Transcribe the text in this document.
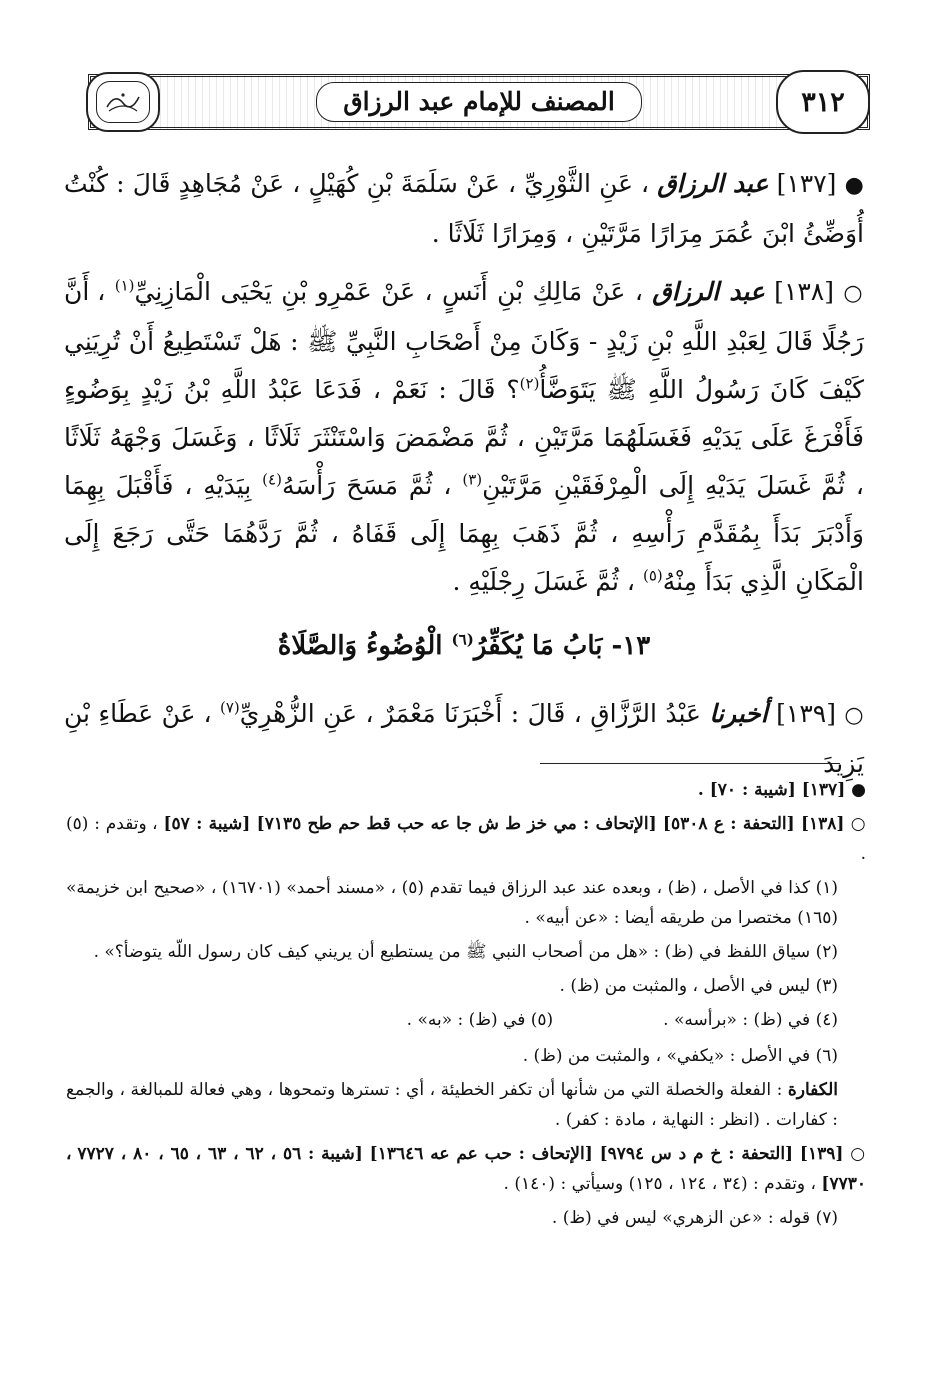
المصنف للإمام عبد الرزاق	٣١٢

● [١٣٧] عبد الرزاق ، عَنِ الثَّوْرِيِّ ، عَنْ سَلَمَةَ بْنِ كُهَيْلٍ ، عَنْ مُجَاهِدٍ قَالَ : كُنْتُ أُوَضِّئُ ابْنَ عُمَرَ مِرَارًا مَرَّتَيْنِ ، وَمِرَارًا ثَلَاثًا .

○ [١٣٨] عبد الرزاق ، عَنْ مَالِكِ بْنِ أَنَسٍ ، عَنْ عَمْرِو بْنِ يَحْيَى الْمَازِنِيِّ$^{(١)}$ ، أَنَّ رَجُلًا قَالَ لِعَبْدِ اللَّهِ بْنِ زَيْدٍ - وَكَانَ مِنْ أَصْحَابِ النَّبِيِّ ﷺ : هَلْ تَسْتَطِيعُ أَنْ تُرِيَنِي كَيْفَ كَانَ رَسُولُ اللَّهِ ﷺ يَتَوَضَّأُ$^{(٢)}$؟ قَالَ : نَعَمْ ، فَدَعَا عَبْدُ اللَّهِ بْنُ زَيْدٍ بِوَضُوءٍ فَأَفْرَغَ عَلَى يَدَيْهِ فَغَسَلَهُمَا مَرَّتَيْنِ ، ثُمَّ مَضْمَضَ وَاسْتَنْثَرَ ثَلَاثًا ، وَغَسَلَ وَجْهَهُ ثَلَاثًا ، ثُمَّ غَسَلَ يَدَيْهِ إِلَى الْمِرْفَقَيْنِ مَرَّتَيْنِ$^{(٣)}$ ، ثُمَّ مَسَحَ رَأْسَهُ$^{(٤)}$ بِيَدَيْهِ ، فَأَقْبَلَ بِهِمَا وَأَدْبَرَ بَدَأَ بِمُقَدَّمِ رَأْسِهِ ، ثُمَّ ذَهَبَ بِهِمَا إِلَى قَفَاهُ ، ثُمَّ رَدَّهُمَا حَتَّى رَجَعَ إِلَى الْمَكَانِ الَّذِي بَدَأَ مِنْهُ$^{(٥)}$ ، ثُمَّ غَسَلَ رِجْلَيْهِ .

١٣- بَابُ مَا يُكَفِّرُ$^{(٦)}$ الْوُضُوءُ وَالصَّلَاةُ

○ [١٣٩] أخبرنا عَبْدُ الرَّزَّاقِ ، قَالَ : أَخْبَرَنَا مَعْمَرٌ ، عَنِ الزُّهْرِيِّ$^{(٧)}$ ، عَنْ عَطَاءِ بْنِ يَزِيدَ

● [١٣٧] [شيبة : ٧٠] .

○ [١٣٨] [التحفة : ع ٥٣٠٨] [الإتحاف : مي خز ط ش جا عه حب قط حم طح ٧١٣٥] [شيبة : ٥٧] ، وتقدم : (٥) .

(١) كذا في الأصل ، (ظ) ، وبعده عند عبد الرزاق فيما تقدم (٥) ، «مسند أحمد» (١٦٧٠١) ، «صحيح ابن خزيمة» (١٦٥) مختصرا من طريقه أيضا : «عن أبيه» .

(٢) سياق اللفظ في (ظ) : «هل من أصحاب النبي ﷺ من يستطيع أن يريني كيف كان رسول اللّه يتوضأ؟» .

(٣) ليس في الأصل ، والمثبت من (ظ) .

(٤) في (ظ) : «برأسه» .
(٥) في (ظ) : «به» .

(٦) في الأصل : «يكفي» ، والمثبت من (ظ) .

الكفارة : الفعلة والخصلة التي من شأنها أن تكفر الخطيئة ، أي : تسترها وتمحوها ، وهي فعالة للمبالغة ، والجمع : كفارات . (انظر : النهاية ، مادة : كفر) .

○ [١٣٩] [التحفة : خ م د س ٩٧٩٤] [الإتحاف : حب عم عه ١٣٦٤٦] [شيبة : ٥٦ ، ٦٢ ، ٦٣ ، ٦٥ ، ٨٠ ، ٧٧٢٧ ، ٧٧٣٠] ، وتقدم : (٣٤ ، ١٢٤ ، ١٢٥) وسيأتي : (١٤٠) .

(٧) قوله : «عن الزهري» ليس في (ظ) .
